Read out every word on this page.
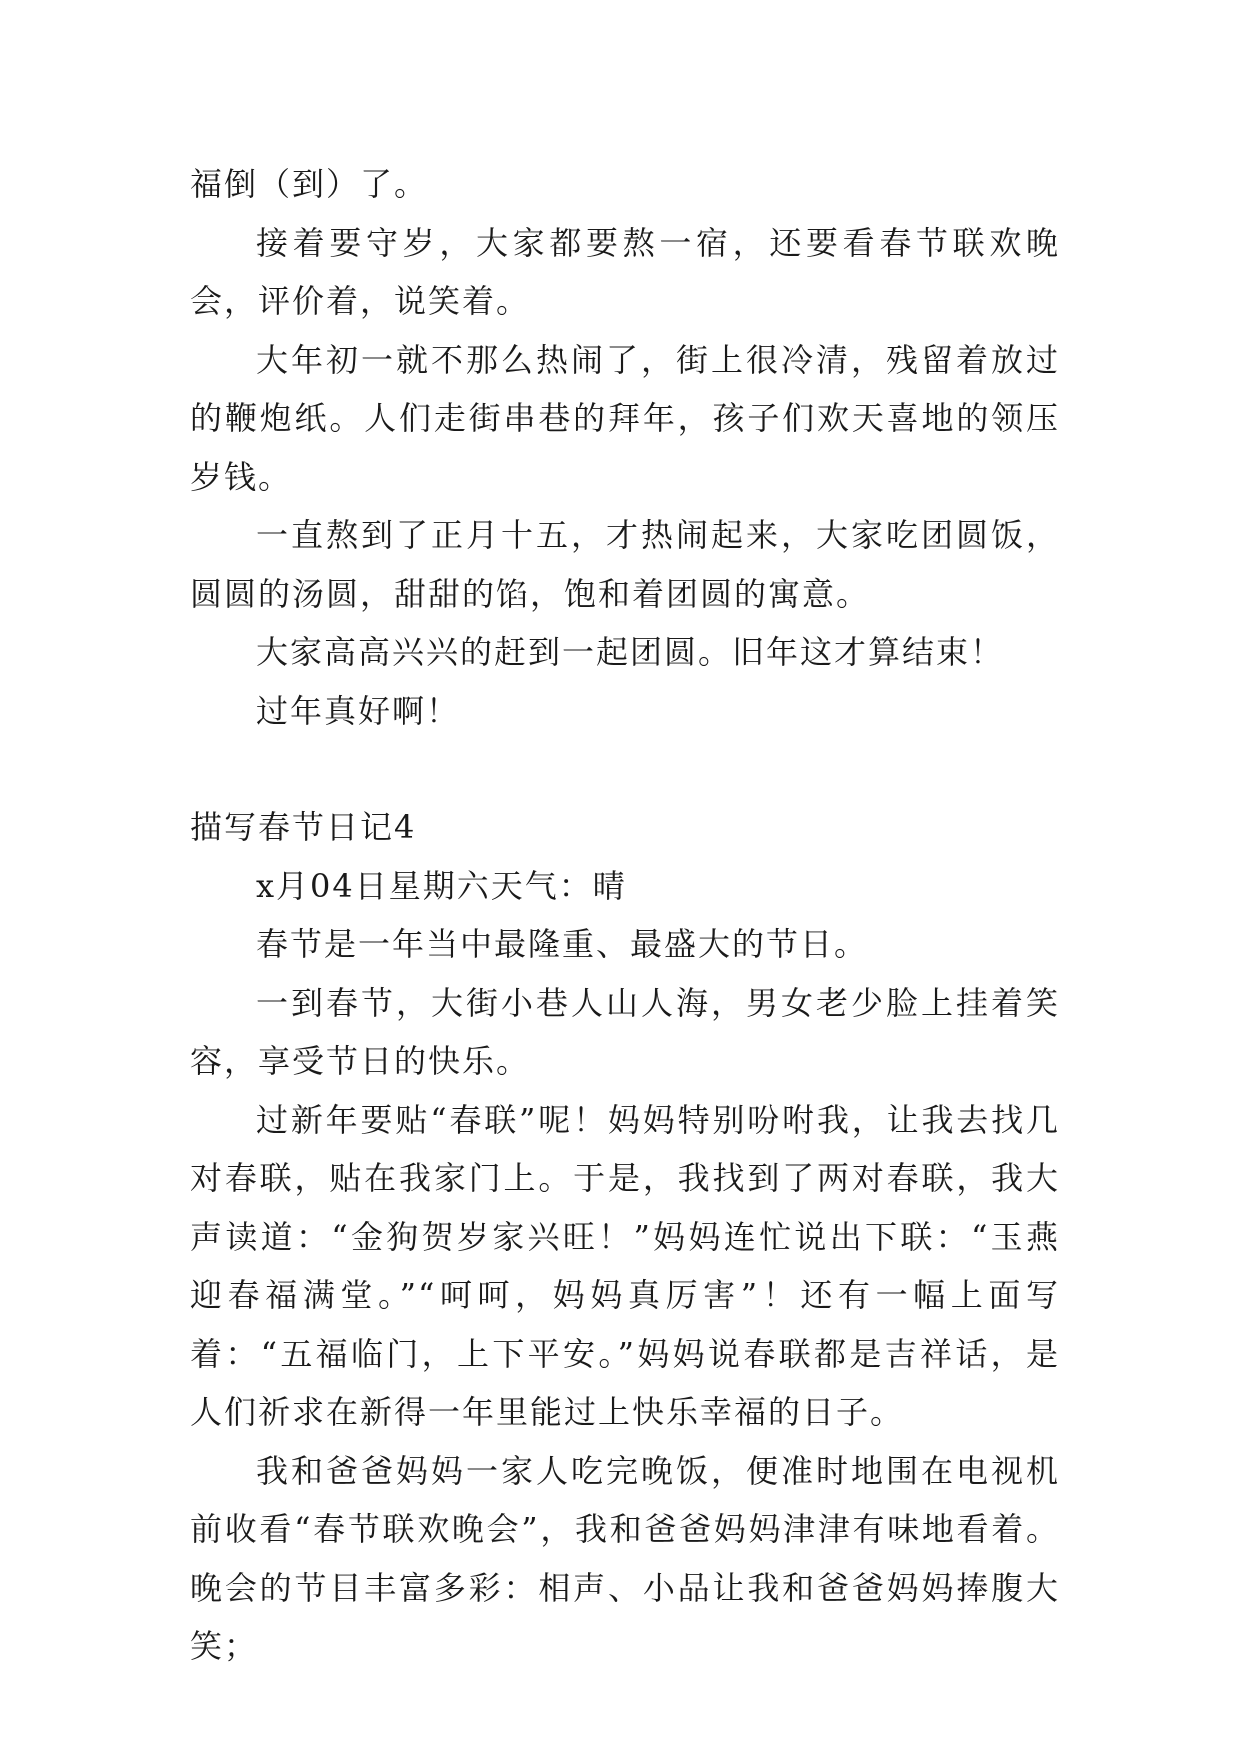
福倒（到）了。

接着要守岁，大家都要熬一宿，还要看春节联欢晚会，评价着，说笑着。

大年初一就不那么热闹了，街上很冷清，残留着放过的鞭炮纸。人们走街串巷的拜年，孩子们欢天喜地的领压岁钱。

一直熬到了正月十五，才热闹起来，大家吃团圆饭，圆圆的汤圆，甜甜的馅，饱和着团圆的寓意。

大家高高兴兴的赶到一起团圆。旧年这才算结束！

过年真好啊！

描写春节日记4

x月04日星期六天气：晴

春节是一年当中最隆重、最盛大的节日。

一到春节，大街小巷人山人海，男女老少脸上挂着笑容，享受节日的快乐。

过新年要贴“春联”呢！妈妈特别吩咐我，让我去找几对春联，贴在我家门上。于是，我找到了两对春联，我大声读道：“金狗贺岁家兴旺！”妈妈连忙说出下联：“玉燕迎春福满堂。”“呵呵，妈妈真厉害”！还有一幅上面写着：“五福临门，上下平安。”妈妈说春联都是吉祥话，是人们祈求在新得一年里能过上快乐幸福的日子。

我和爸爸妈妈一家人吃完晚饭，便准时地围在电视机前收看“春节联欢晚会”，我和爸爸妈妈津津有味地看着。晚会的节目丰富多彩：相声、小品让我和爸爸妈妈捧腹大笑；
